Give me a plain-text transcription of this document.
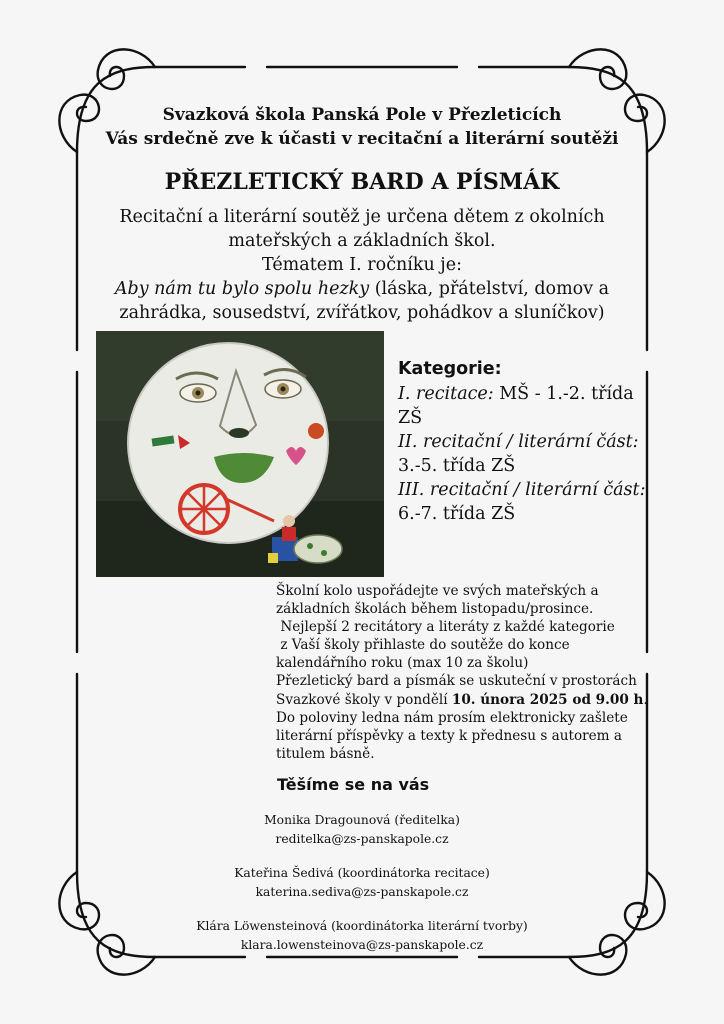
Svazková škola Panská Pole v Přezleticích
Vás srdečně zve k účasti v recitační a literární soutěži
PŘEZLETICKÝ BARD A PÍSMÁK
Recitační a literární soutěž je určena dětem z okolních
mateřských a základních škol.
Tématem I. ročníku je:
Aby nám tu bylo spolu hezky (láska, přátelství, domov a
zahrádka, sousedství, zvířátkov, pohádkov a sluníčkov)
Kategorie:
I. recitace: MŠ - 1.-2. třída
ZŠ
II. recitační / literární část:
3.-5. třída ZŠ
III. recitační / literární část:
6.-7. třída ZŠ
Školní kolo uspořádejte ve svých mateřských a
základních školách během listopadu/prosince.
Nejlepší 2 recitátory a literáty z každé kategorie
z Vaší školy přihlaste do soutěže do konce
kalendářního roku (max 10 za školu)
Přezletický bard a písmák se uskuteční v prostorách
Svazkové školy v pondělí 10. února 2025 od 9.00 h.
Do poloviny ledna nám prosím elektronicky zašlete
literární příspěvky a texty k přednesu s autorem a
titulem básně.
Těšíme se na vás
Monika Dragounová (ředitelka)
reditelka@zs-panskapole.cz
Kateřina Šedivá (koordinátorka recitace)
katerina.sediva@zs-panskapole.cz
Klára Löwensteinová (koordinátorka literární tvorby)
klara.lowensteinova@zs-panskapole.cz
